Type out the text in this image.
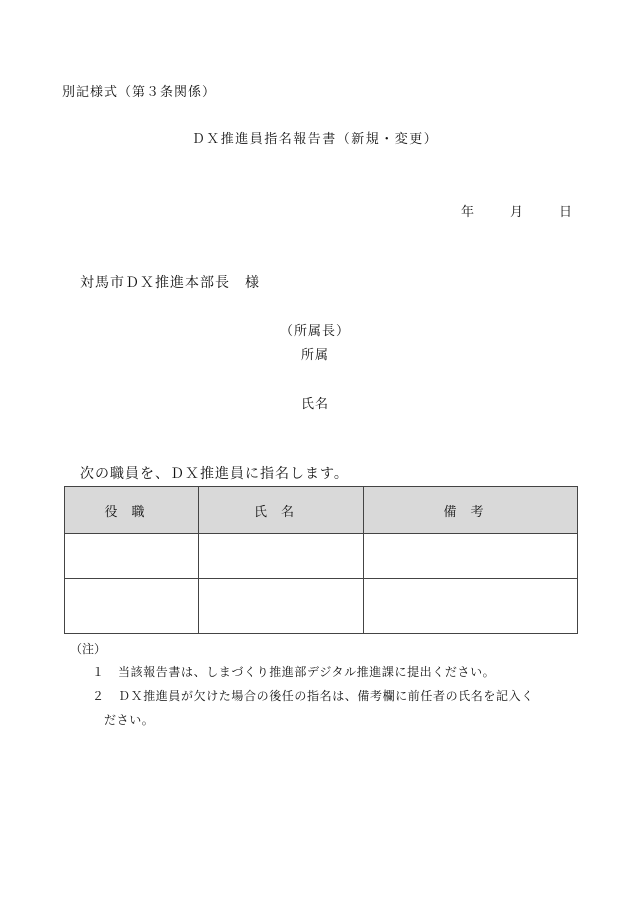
別記様式（第３条関係）
ＤＸ推進員指名報告書（新規・変更）
年	月	日
対馬市ＤＸ推進本部長　様
（所属長）
所属
氏名
次の職員を、ＤＸ推進員に指名します。
役職	氏名	備考

（注）
１ 当該報告書は、しまづくり推進部デジタル推進課に提出ください。
２ ＤＸ推進員が欠けた場合の後任の指名は、備考欄に前任者の氏名を記入く
ださい。
